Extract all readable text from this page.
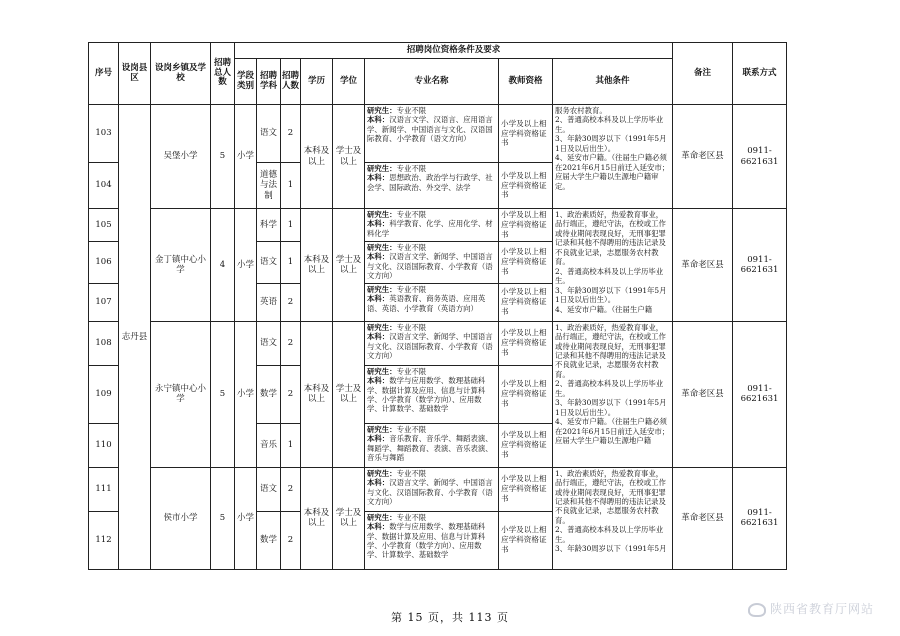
序号	设岗县区	设岗乡镇及学校	招聘总人数	招聘岗位资格条件及要求								备注	联系方式
				学段类别	招聘学科	招聘人数	学历	学位	专业名称	教师资格	其他条件		
103	志丹县	吴堡小学	5	小学	语文	2	本科及以上	学士及以上	研究生：专业不限
本科：汉语言文学、汉语言、应用语言学、新闻学、中国语言与文化、汉语国际教育、小学教育（语文方向）	小学及以上相应学科资格证书	服务农村教育。
2、普通高校本科及以上学历毕业生。
3、年龄30周岁以下（1991年5月1日及以后出生）。
4、延安市户籍。（往届生户籍必须在2021年6月15日前迁入延安市；应届大学生户籍以生源地户籍审定。	革命老区县	0911-6621631
104					道德与法制	1			研究生：专业不限
本科：思想政治、政治学与行政学、社会学、国际政治、外交学、法学	小学及以上相应学科资格证书			
105		金丁镇中心小学	4	小学	科学	1	本科及以上	学士及以上	研究生：专业不限
本科：科学教育、化学、应用化学、材料化学	小学及以上相应学科资格证书	1、政治素质好，热爱教育事业，品行端正，遵纪守法，在校或工作或待业期间表现良好，无刑事犯罪记录和其他不得聘用的违法记录及不良就业记录，志愿服务农村教育。
2、普通高校本科及以上学历毕业生。
3、年龄30周岁以下（1991年5月1日及以后出生）。
4、延安市户籍。（往届生户籍	革命老区县	0911-6621631
106					语文	1			研究生：专业不限
本科：汉语言文学、新闻学、中国语言与文化、汉语国际教育、小学教育（语文方向）	小学及以上相应学科资格证书			
107					英语	2			研究生：专业不限
本科：英语教育、商务英语、应用英语、英语、小学教育（英语方向）	小学及以上相应学科资格证书			
108		永宁镇中心小学	5	小学	语文	2	本科及以上	学士及以上	研究生：专业不限
本科：汉语言文学、新闻学、中国语言与文化、汉语国际教育、小学教育（语文方向）	小学及以上相应学科资格证书	1、政治素质好，热爱教育事业，品行端正，遵纪守法，在校或工作或待业期间表现良好，无刑事犯罪记录和其他不得聘用的违法记录及不良就业记录，志愿服务农村教育。
2、普通高校本科及以上学历毕业生。
3、年龄30周岁以下（1991年5月1日及以后出生）。
4、延安市户籍。（往届生户籍必须在2021年6月15日前迁入延安市；应届大学生户籍以生源地户籍	革命老区县	0911-6621631
109					数学	2			研究生：专业不限
本科：数学与应用数学、数理基础科学、数据计算及应用、信息与计算科学、小学教育（数学方向）、应用数学、计算数学、基础数学	小学及以上相应学科资格证书			
110					音乐	1			研究生：专业不限
本科：音乐教育、音乐学、舞蹈表演、舞蹈学、舞蹈教育、表演、音乐表演、音乐与舞蹈	小学及以上相应学科资格证书			
111		侯市小学	5	小学	语文	2	本科及以上	学士及以上	研究生：专业不限
本科：汉语言文学、新闻学、中国语言与文化、汉语国际教育、小学教育（语文方向）	小学及以上相应学科资格证书	1、政治素质好，热爱教育事业，品行端正，遵纪守法，在校或工作或待业期间表现良好，无刑事犯罪记录和其他不得聘用的违法记录及不良就业记录，志愿服务农村教育。
2、普通高校本科及以上学历毕业生。
3、年龄30周岁以下（1991年5月	革命老区县	0911-6621631
112					数学	2			研究生：专业不限
本科：数学与应用数学、数理基础科学、数据计算及应用、信息与计算科学、小学教育（数学方向）、应用数学、计算数学、基础数学	小学及以上相应学科资格证书			
第 15 页，共 113 页
陕西省教育厅网站
